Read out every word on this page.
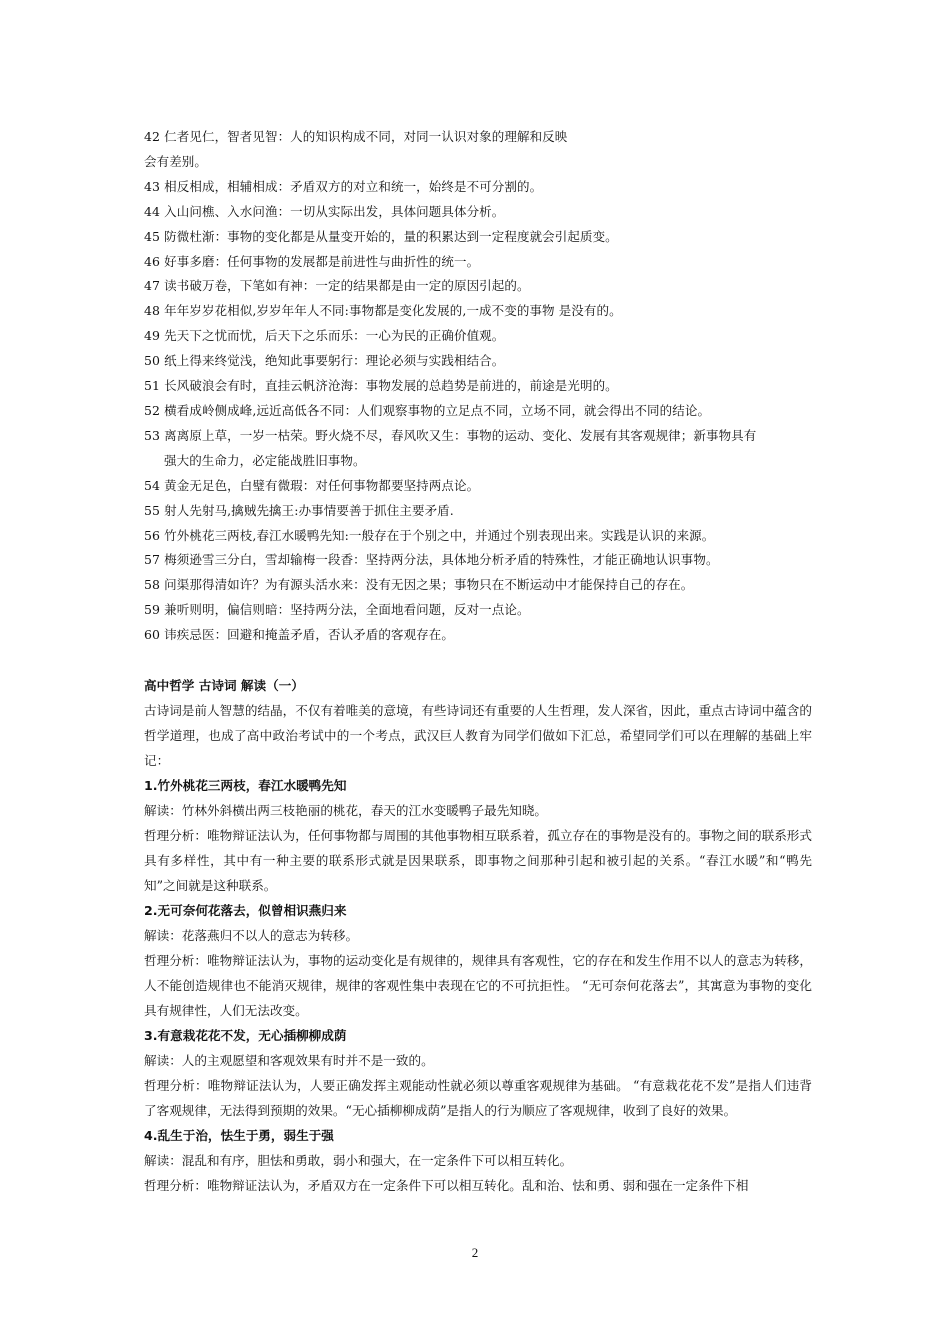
42 仁者见仁，智者见智：人的知识构成不同，对同一认识对象的理解和反映
会有差别。
43 相反相成，相辅相成：矛盾双方的对立和统一，始终是不可分割的。
44 入山问樵、入水问渔：一切从实际出发，具体问题具体分析。
45 防微杜渐：事物的变化都是从量变开始的，量的积累达到一定程度就会引起质变。
46 好事多磨：任何事物的发展都是前进性与曲折性的统一。
47 读书破万卷，下笔如有神：一定的结果都是由一定的原因引起的。
48 年年岁岁花相似,岁岁年年人不同:事物都是变化发展的,一成不变的事物 是没有的。
49 先天下之忧而忧，后天下之乐而乐：一心为民的正确价值观。
50 纸上得来终觉浅，绝知此事要躬行：理论必须与实践相结合。
51 长风破浪会有时，直挂云帆济沧海：事物发展的总趋势是前进的，前途是光明的。
52 横看成岭侧成峰,远近高低各不同：人们观察事物的立足点不同，立场不同，就会得出不同的结论。
53 离离原上草，一岁一枯荣。野火烧不尽，春风吹又生：事物的运动、变化、发展有其客观规律；新事物具有
强大的生命力，必定能战胜旧事物。
54 黄金无足色，白璧有微瑕：对任何事物都要坚持两点论。
55 射人先射马,擒贼先擒王:办事情要善于抓住主要矛盾.
56 竹外桃花三两枝,春江水暖鸭先知:一般存在于个别之中，并通过个别表现出来。实践是认识的来源。
57 梅须逊雪三分白，雪却输梅一段香：坚持两分法，具体地分析矛盾的特殊性，才能正确地认识事物。
58 问渠那得清如许？为有源头活水来：没有无因之果；事物只在不断运动中才能保持自己的存在。
59 兼听则明，偏信则暗：坚持两分法，全面地看问题，反对一点论。
60 讳疾忌医：回避和掩盖矛盾，否认矛盾的客观存在。

高中哲学 古诗词 解读（一）

古诗词是前人智慧的结晶，不仅有着唯美的意境，有些诗词还有重要的人生哲理，发人深省，因此，重点古诗词中蕴含的哲学道理，也成了高中政治考试中的一个考点，武汉巨人教育为同学们做如下汇总，希望同学们可以在理解的基础上牢记：

1.竹外桃花三两枝，春江水暖鸭先知

解读：竹林外斜横出两三枝艳丽的桃花，春天的江水变暖鸭子最先知晓。

哲理分析：唯物辩证法认为，任何事物都与周围的其他事物相互联系着，孤立存在的事物是没有的。事物之间的联系形式具有多样性，其中有一种主要的联系形式就是因果联系，即事物之间那种引起和被引起的关系。“春江水暖”和“鸭先知”之间就是这种联系。

2.无可奈何花落去，似曾相识燕归来

解读：花落燕归不以人的意志为转移。

哲理分析：唯物辩证法认为，事物的运动变化是有规律的，规律具有客观性，它的存在和发生作用不以人的意志为转移，人不能创造规律也不能消灭规律，规律的客观性集中表现在它的不可抗拒性。 “无可奈何花落去”，其寓意为事物的变化具有规律性，人们无法改变。

3.有意栽花花不发，无心插柳柳成荫

解读：人的主观愿望和客观效果有时并不是一致的。

哲理分析：唯物辩证法认为，人要正确发挥主观能动性就必须以尊重客观规律为基础。 “有意栽花花不发”是指人们违背了客观规律，无法得到预期的效果。“无心插柳柳成荫”是指人的行为顺应了客观规律，收到了良好的效果。

4.乱生于治，怯生于勇，弱生于强

解读：混乱和有序，胆怯和勇敢，弱小和强大，在一定条件下可以相互转化。

哲理分析：唯物辩证法认为，矛盾双方在一定条件下可以相互转化。乱和治、怯和勇、弱和强在一定条件下相

2
